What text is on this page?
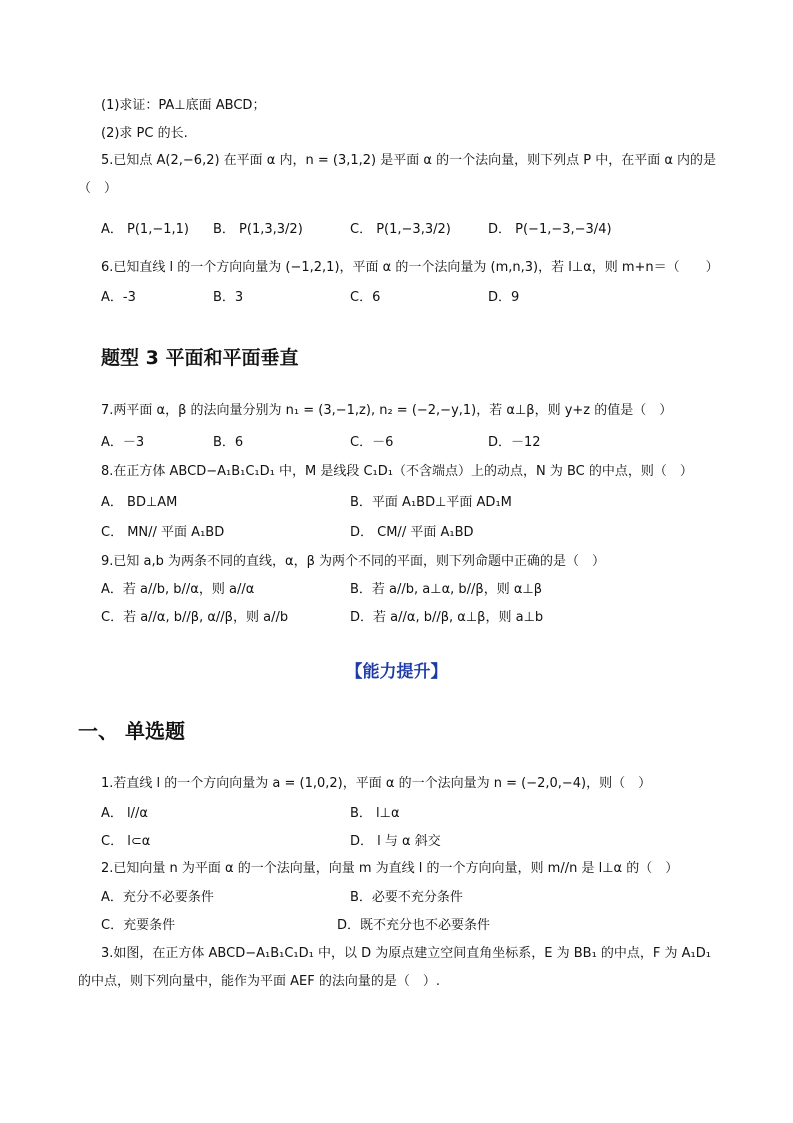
(1)求证：PA⊥底面 ABCD；
(2)求 PC 的长.
5.已知点 A(2,−6,2) 在平面 α 内，n = (3,1,2) 是平面 α 的一个法向量，则下列点 P 中，在平面 α 内的是
（　）
A． P(1,−1,1) B． P(1,3,3/2)	C． P(1,−3,3/2)	D． P(−1,−3,−3/4)
6.已知直线 l 的一个方向向量为 (−1,2,1)，平面 α 的一个法向量为 (m,n,3)，若 l⊥α，则 m+n＝（　　）
A．-3	B．3	C．6	D．9
题型 3 平面和平面垂直
7.两平面 α，β 的法向量分别为 n₁ = (3,−1,z), n₂ = (−2,−y,1)，若 α⊥β，则 y+z 的值是（　）
A．－3	B．6	C．－6	D．－12
8.在正方体 ABCD−A₁B₁C₁D₁ 中，M 是线段 C₁D₁（不含端点）上的动点，N 为 BC 的中点，则（　）
A． BD⊥AM	B．平面 A₁BD⊥平面 AD₁M
C． MN// 平面 A₁BD	D． CM// 平面 A₁BD
9.已知 a,b 为两条不同的直线，α，β 为两个不同的平面，则下列命题中正确的是（　）
A．若 a//b, b//α，则 a//α	B．若 a//b, a⊥α, b//β，则 α⊥β
C．若 a//α, b//β, α//β，则 a//b	D．若 a//α, b//β, α⊥β，则 a⊥b
【能力提升】
一、 单选题
1.若直线 l 的一个方向向量为 a = (1,0,2)，平面 α 的一个法向量为 n = (−2,0,−4)，则（　）
A． l//α	B． l⊥α
C． l⊂α	D． l 与 α 斜交
2.已知向量 n 为平面 α 的一个法向量，向量 m 为直线 l 的一个方向向量，则 m//n 是 l⊥α 的（　）
A．充分不必要条件	B．必要不充分条件
C．充要条件	D．既不充分也不必要条件
3.如图，在正方体 ABCD−A₁B₁C₁D₁ 中，以 D 为原点建立空间直角坐标系，E 为 BB₁ 的中点，F 为 A₁D₁
的中点，则下列向量中，能作为平面 AEF 的法向量的是（　）.
